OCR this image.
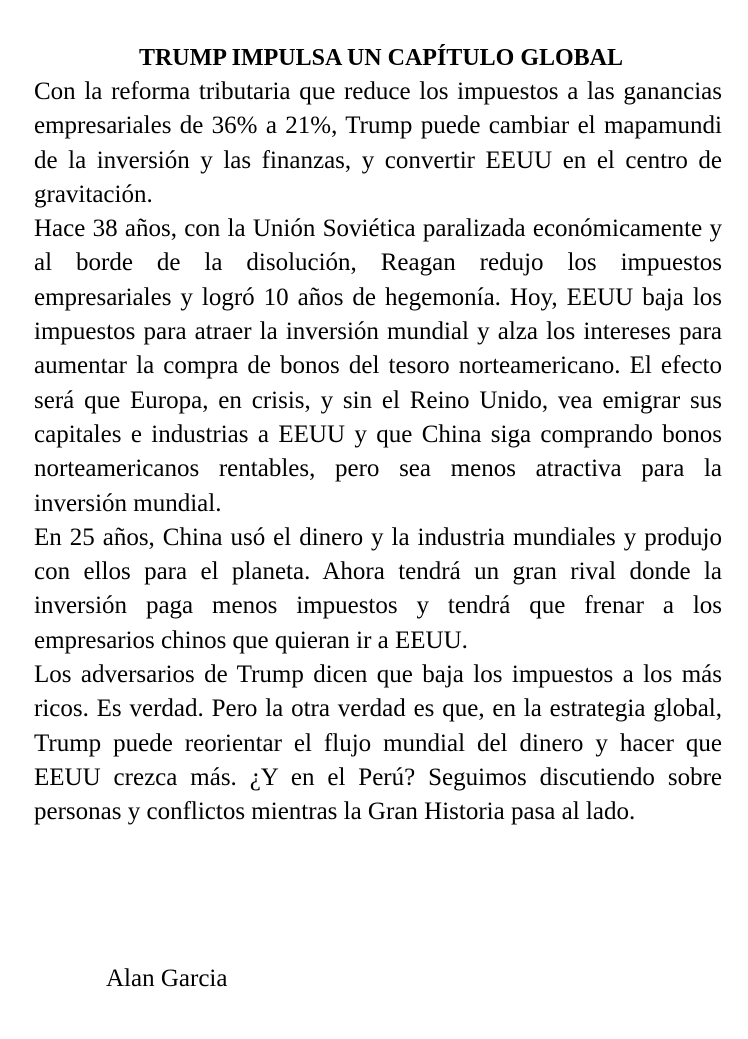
TRUMP IMPULSA UN CAPÍTULO GLOBAL

Con la reforma tributaria que reduce los impuestos a las ganancias empresariales de 36% a 21%, Trump puede cambiar el mapamundi de la inversión y las finanzas, y convertir EEUU en el centro de gravitación.

Hace 38 años, con la Unión Soviética paralizada económicamente y al borde de la disolución, Reagan redujo los impuestos empresariales y logró 10 años de hegemonía. Hoy, EEUU baja los impuestos para atraer la inversión mundial y alza los intereses para aumentar la compra de bonos del tesoro norteamericano. El efecto será que Europa, en crisis, y sin el Reino Unido, vea emigrar sus capitales e industrias a EEUU y que China siga comprando bonos norteamericanos rentables, pero sea menos atractiva para la inversión mundial.

En 25 años, China usó el dinero y la industria mundiales y produjo con ellos para el planeta. Ahora tendrá un gran rival donde la inversión paga menos impuestos y tendrá que frenar a los empresarios chinos que quieran ir a EEUU.

Los adversarios de Trump dicen que baja los impuestos a los más ricos. Es verdad. Pero la otra verdad es que, en la estrategia global, Trump puede reorientar el flujo mundial del dinero y hacer que EEUU crezca más. ¿Y en el Perú? Seguimos discutiendo sobre personas y conflictos mientras la Gran Historia pasa al lado.

Alan Garcia
